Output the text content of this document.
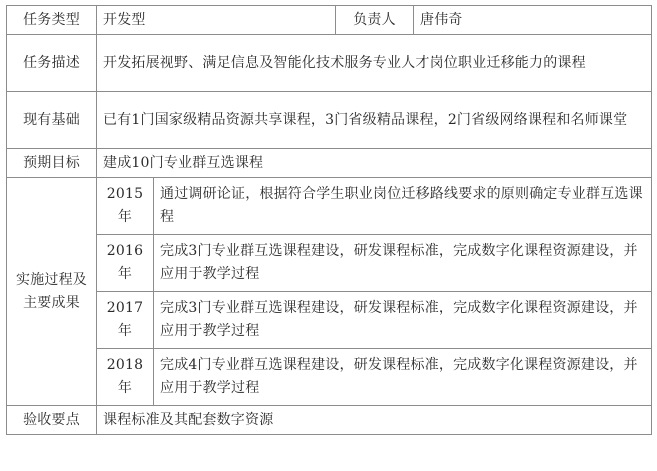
任务类型	开发型		负责人	唐伟奇
任务描述	开发拓展视野、满足信息及智能化技术服务专业人才岗位职业迁移能力的课程			
现有基础	已有1门国家级精品资源共享课程，3门省级精品课程，2门省级网络课程和名师课堂			
预期目标	建成10门专业群互选课程			
实施过程及主要成果	2015 年	通过调研论证，根据符合学生职业岗位迁移路线要求的原则确定专业群互选课程		
	2016 年	完成3门专业群互选课程建设，研发课程标准，完成数字化课程资源建设，并应用于教学过程		
	2017 年	完成3门专业群互选课程建设，研发课程标准，完成数字化课程资源建设，并应用于教学过程		
	2018 年	完成4门专业群互选课程建设，研发课程标准，完成数字化课程资源建设，并应用于教学过程		
验收要点	课程标准及其配套数字资源			
